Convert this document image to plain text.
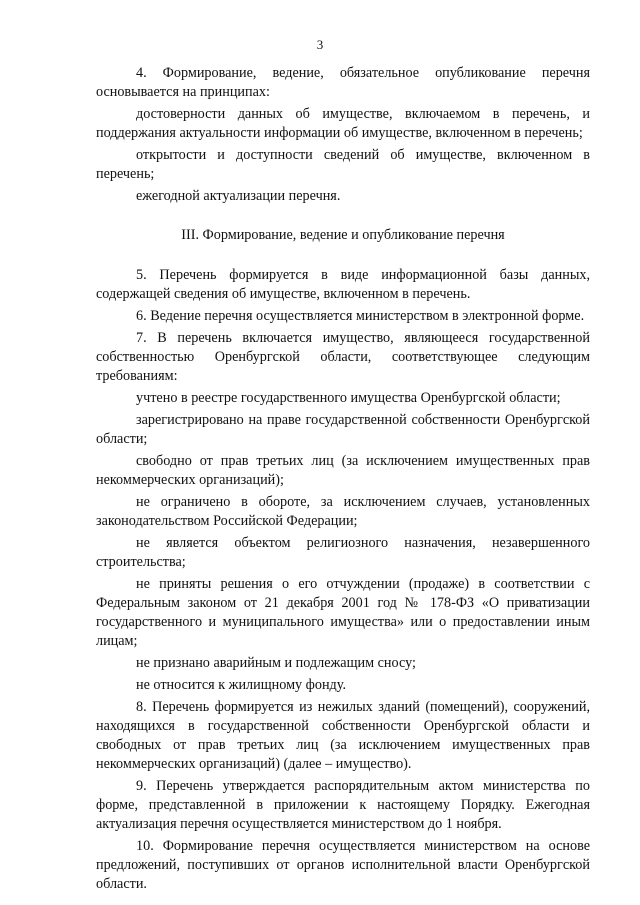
3

4. Формирование, ведение, обязательное опубликование перечня основывается на принципах:

достоверности данных об имуществе, включаемом в перечень, и поддержания актуальности информации об имуществе, включенном в перечень;

открытости и доступности сведений об имуществе, включенном в перечень;

ежегодной актуализации перечня.

III. Формирование, ведение и опубликование перечня

5. Перечень формируется в виде информационной базы данных, содержащей сведения об имуществе, включенном в перечень.

6. Ведение перечня осуществляется министерством в электронной форме.

7. В перечень включается имущество, являющееся государственной собственностью Оренбургской области, соответствующее следующим требованиям:

учтено в реестре государственного имущества Оренбургской области;

зарегистрировано на праве государственной собственности Оренбургской области;

свободно от прав третьих лиц (за исключением имущественных прав некоммерческих организаций);

не ограничено в обороте, за исключением случаев, установленных законодательством Российской Федерации;

не является объектом религиозного назначения, незавершенного строительства;

не приняты решения о его отчуждении (продаже) в соответствии с Федеральным законом от 21 декабря 2001 год № 178-ФЗ «О приватизации государственного и муниципального имущества» или о предоставлении иным лицам;

не признано аварийным и подлежащим сносу;

не относится к жилищному фонду.

8. Перечень формируется из нежилых зданий (помещений), сооружений, находящихся в государственной собственности Оренбургской области и свободных от прав третьих лиц (за исключением имущественных прав некоммерческих организаций) (далее – имущество).

9. Перечень утверждается распорядительным актом министерства по форме, представленной в приложении к настоящему Порядку. Ежегодная актуализация перечня осуществляется министерством до 1 ноября.

10. Формирование перечня осуществляется министерством на основе предложений, поступивших от органов исполнительной власти Оренбургской области.
